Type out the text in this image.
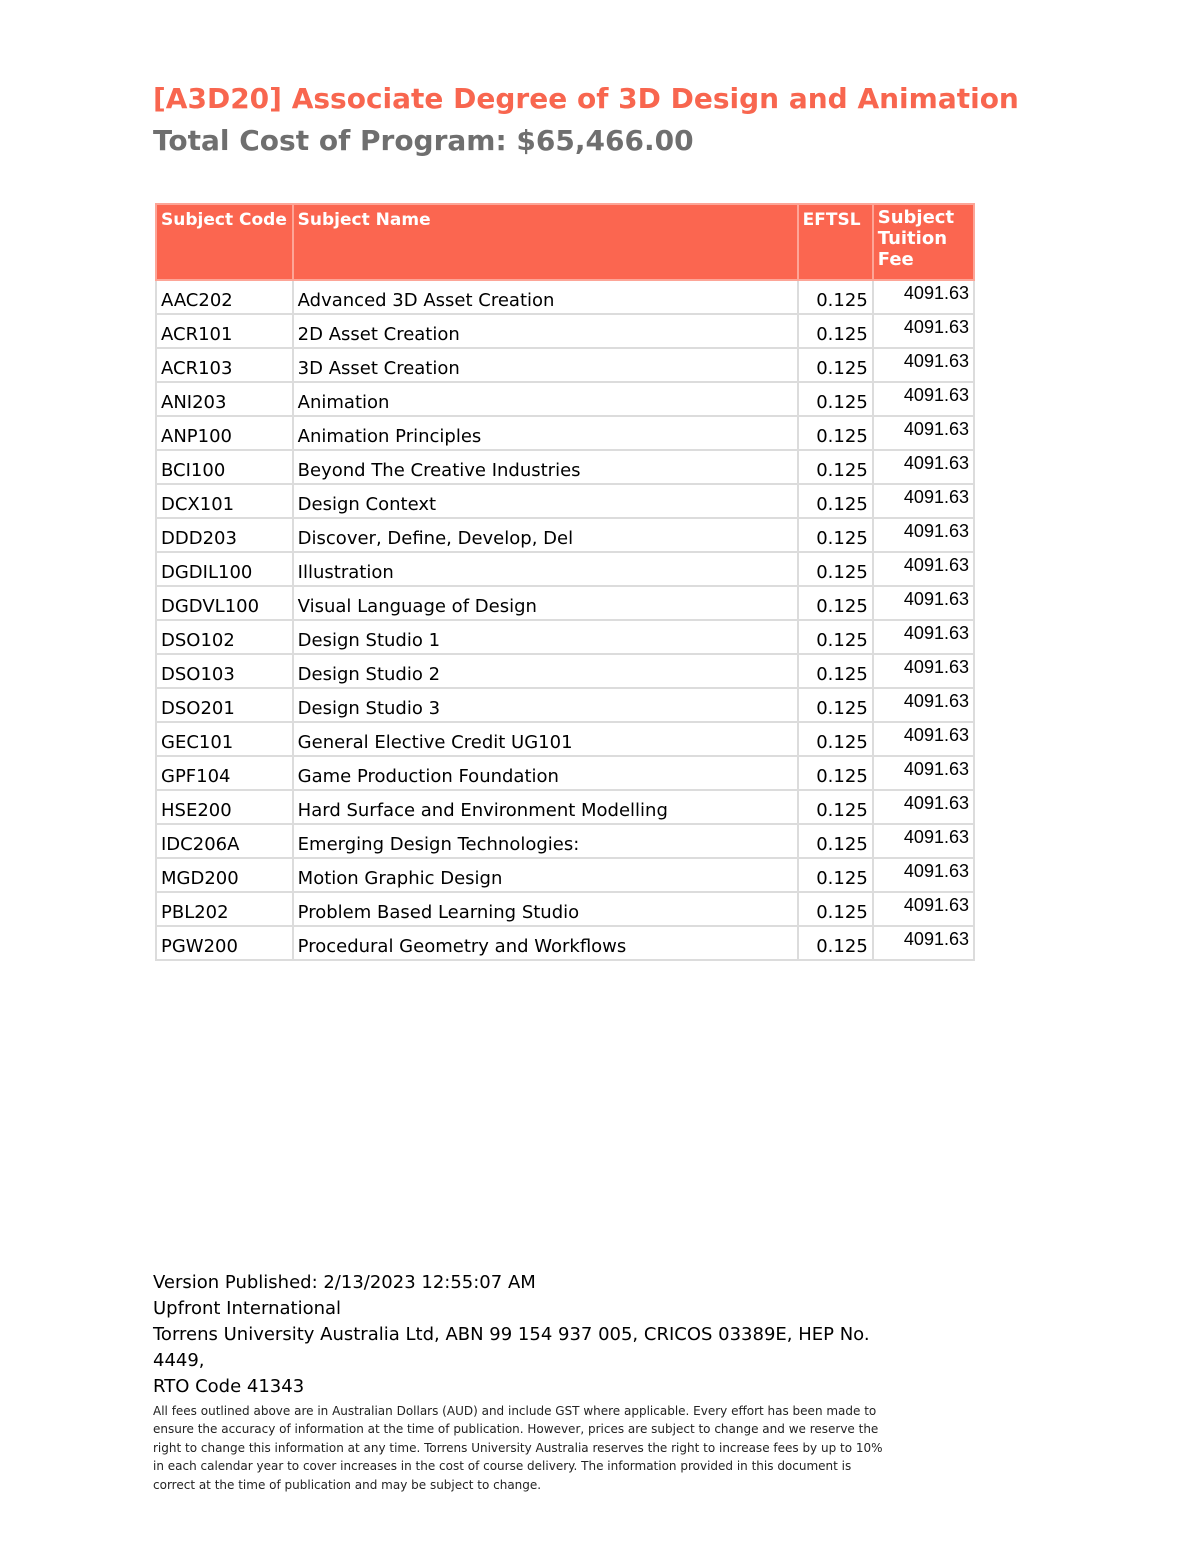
[A3D20] Associate Degree of 3D Design and Animation
Total Cost of Program: $65,466.00
Subject Code	Subject Name	EFTSL	Subject Tuition Fee
AAC202	Advanced 3D Asset Creation	0.125	4091.63
ACR101	2D Asset Creation	0.125	4091.63
ACR103	3D Asset Creation	0.125	4091.63
ANI203	Animation	0.125	4091.63
ANP100	Animation Principles	0.125	4091.63
BCI100	Beyond The Creative Industries	0.125	4091.63
DCX101	Design Context	0.125	4091.63
DDD203	Discover, Define, Develop, Del	0.125	4091.63
DGDIL100	Illustration	0.125	4091.63
DGDVL100	Visual Language of Design	0.125	4091.63
DSO102	Design Studio 1	0.125	4091.63
DSO103	Design Studio 2	0.125	4091.63
DSO201	Design Studio 3	0.125	4091.63
GEC101	General Elective Credit UG101	0.125	4091.63
GPF104	Game Production Foundation	0.125	4091.63
HSE200	Hard Surface and Environment Modelling	0.125	4091.63
IDC206A	Emerging Design Technologies:	0.125	4091.63
MGD200	Motion Graphic Design	0.125	4091.63
PBL202	Problem Based Learning Studio	0.125	4091.63
PGW200	Procedural Geometry and Workflows	0.125	4091.63
Version Published: 2/13/2023 12:55:07 AM
Upfront International
Torrens University Australia Ltd, ABN 99 154 937 005, CRICOS 03389E, HEP No. 4449,
RTO Code 41343
All fees outlined above are in Australian Dollars (AUD) and include GST where applicable. Every effort has been made to ensure the accuracy of information at the time of publication. However, prices are subject to change and we reserve the right to change this information at any time. Torrens University Australia reserves the right to increase fees by up to 10% in each calendar year to cover increases in the cost of course delivery. The information provided in this document is correct at the time of publication and may be subject to change.
